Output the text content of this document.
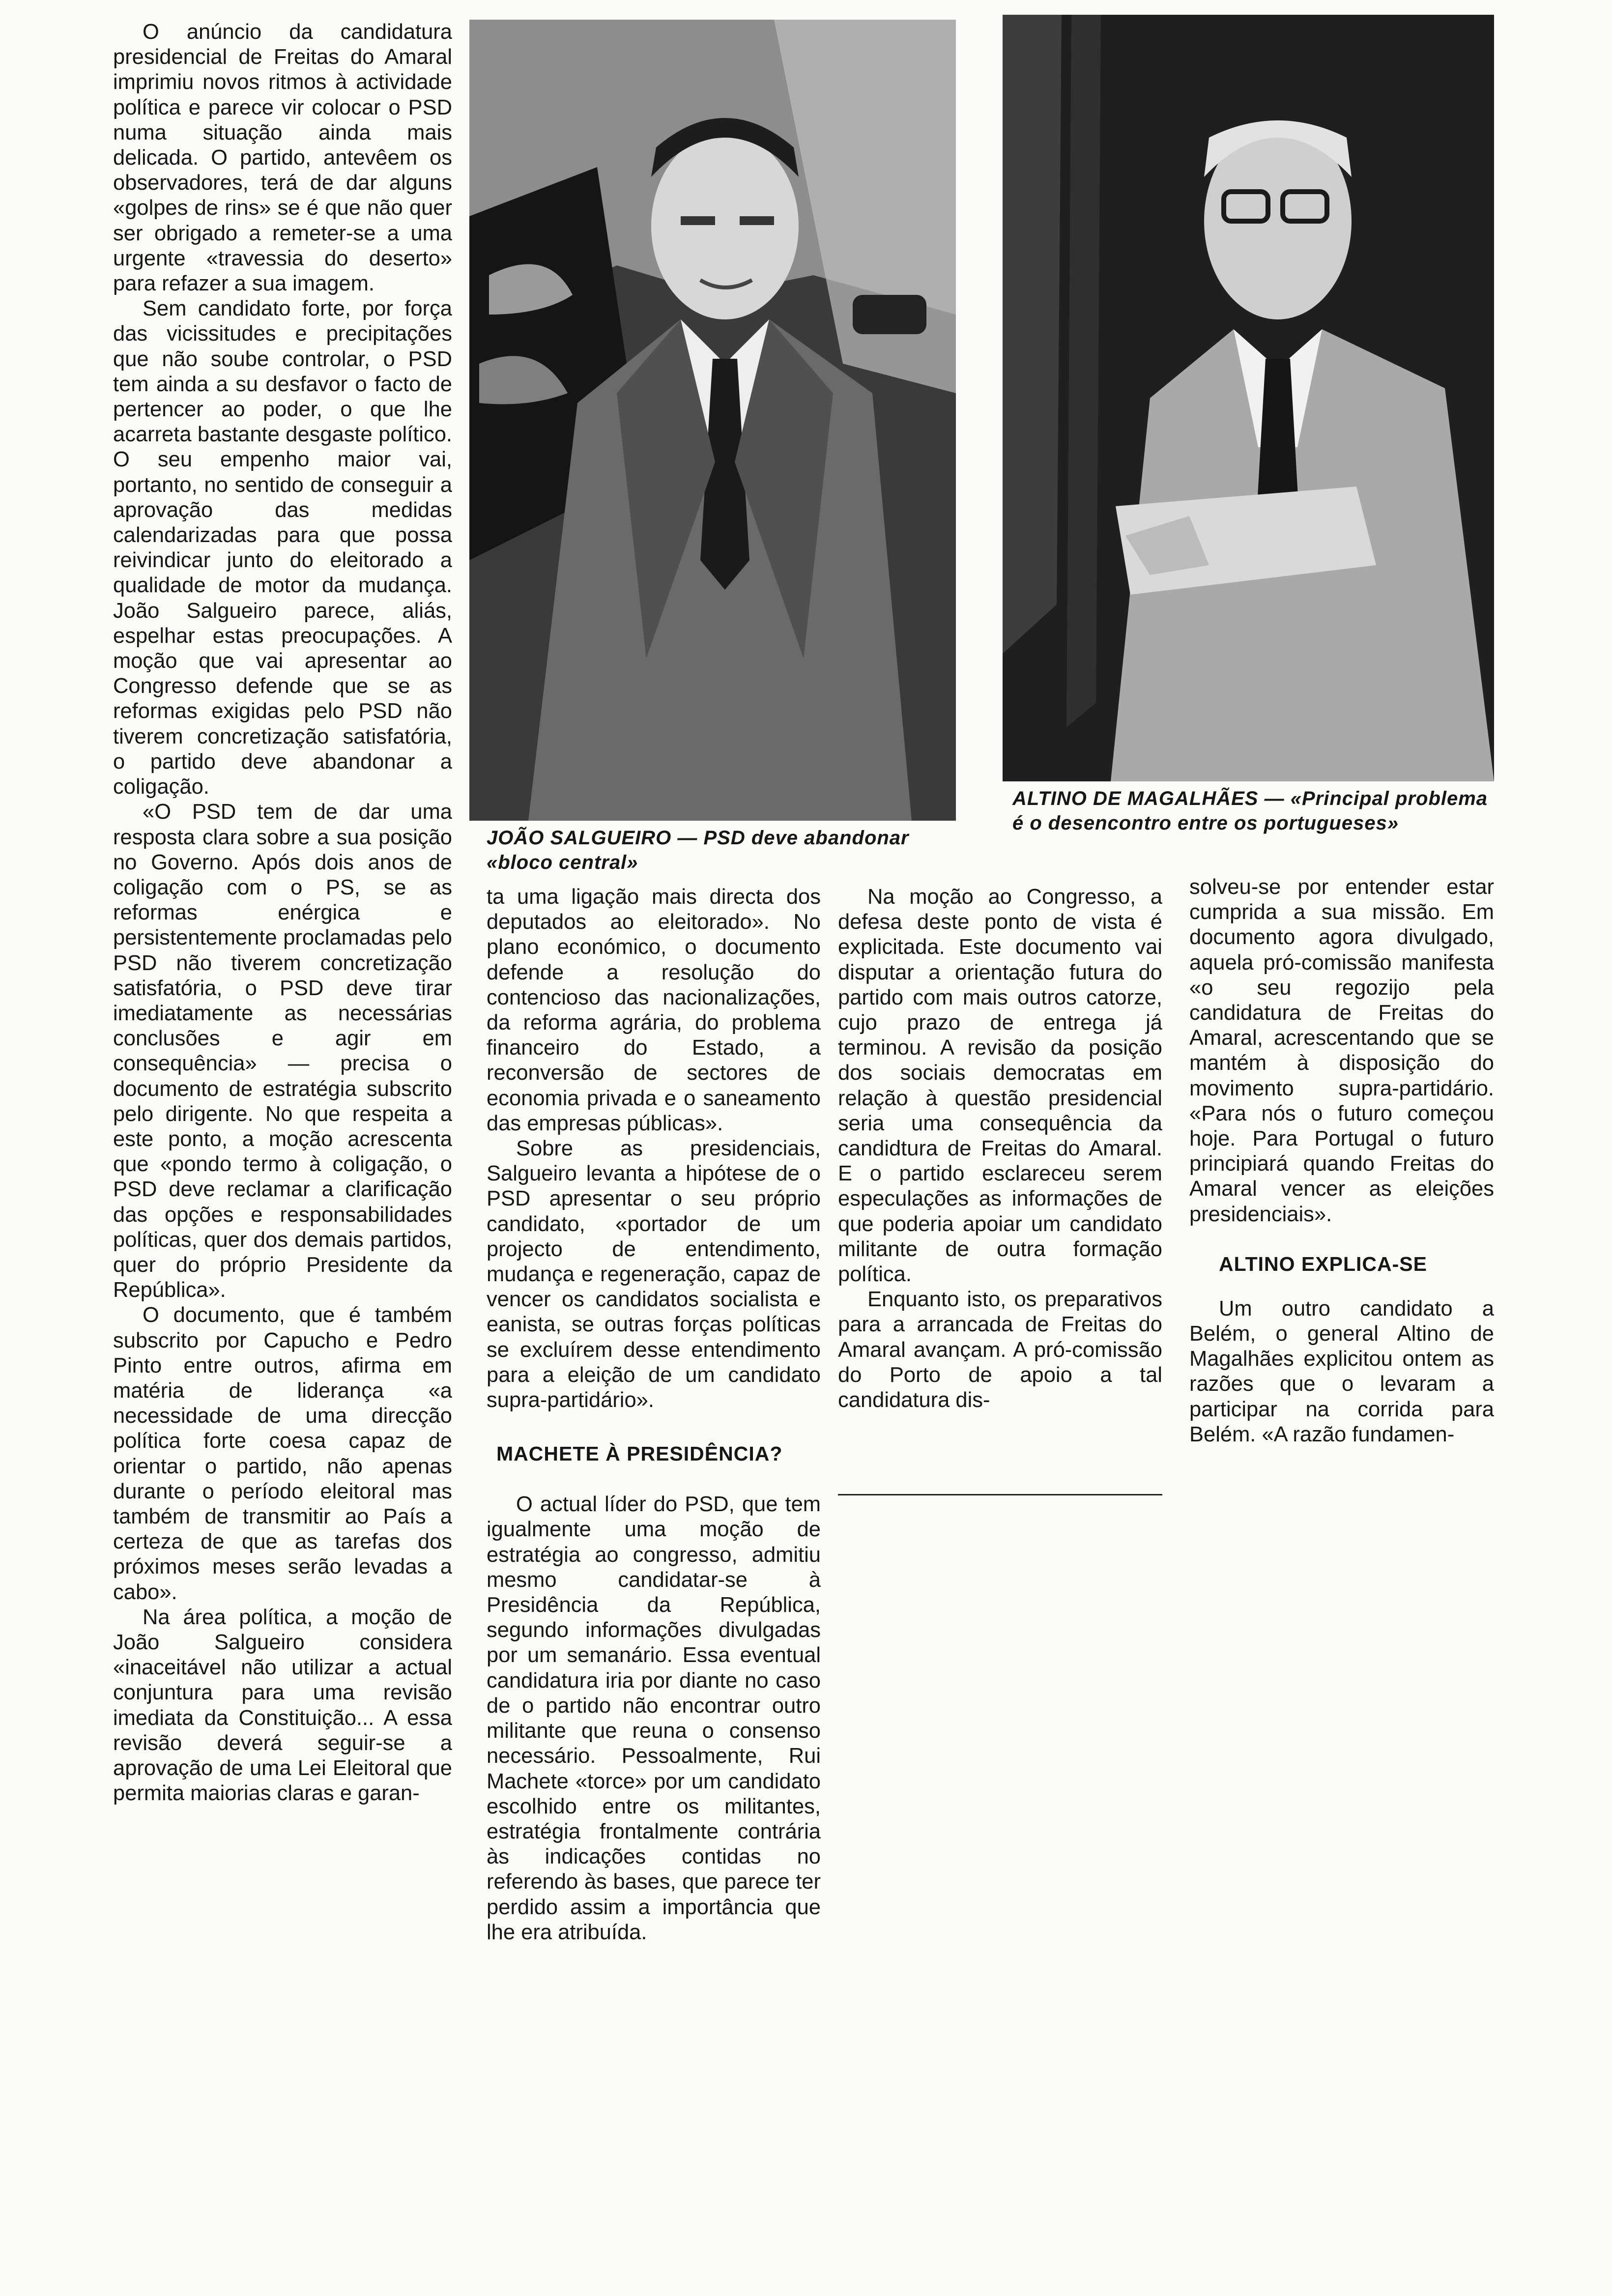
JOÃO SALGUEIRO — PSD deve abandonar «bloco central»
ALTINO DE MAGALHÃES — «Principal problema é o desencontro entre os portugueses»

O anúncio da candidatura presidencial de Freitas do Amaral imprimiu novos ritmos à actividade política e parece vir colocar o PSD numa situação ainda mais delicada. O partido, antevêem os observadores, terá de dar alguns «golpes de rins» se é que não quer ser obrigado a remeter-se a uma urgente «travessia do deserto» para refazer a sua imagem.

Sem candidato forte, por força das vicissitudes e precipitações que não soube controlar, o PSD tem ainda a su desfavor o facto de pertencer ao poder, o que lhe acarreta bastante desgaste político. O seu empenho maior vai, portanto, no sentido de conseguir a aprovação das medidas calendarizadas para que possa reivindicar junto do eleitorado a qualidade de motor da mudança. João Salgueiro parece, aliás, espelhar estas preocupações. A moção que vai apresentar ao Congresso defende que se as reformas exigidas pelo PSD não tiverem concretização satisfatória, o partido deve abandonar a coligação.

«O PSD tem de dar uma resposta clara sobre a sua posição no Governo. Após dois anos de coligação com o PS, se as reformas enérgica e persistentemente proclamadas pelo PSD não tiverem concretização satisfatória, o PSD deve tirar imediatamente as necessárias conclusões e agir em consequência» — precisa o documento de estratégia subscrito pelo dirigente. No que respeita a este ponto, a moção acrescenta que «pondo termo à coligação, o PSD deve reclamar a clarificação das opções e responsabilidades políticas, quer dos demais partidos, quer do próprio Presidente da República».

O documento, que é também subscrito por Capucho e Pedro Pinto entre outros, afirma em matéria de liderança «a necessidade de uma direcção política forte coesa capaz de orientar o partido, não apenas durante o período eleitoral mas também de transmitir ao País a certeza de que as tarefas dos próximos meses serão levadas a cabo».

Na área política, a moção de João Salgueiro considera «inaceitável não utilizar a actual conjuntura para uma revisão imediata da Constituição... A essa revisão deverá seguir-se a aprovação de uma Lei Eleitoral que permita maiorias claras e garan-

ta uma ligação mais directa dos deputados ao eleitorado». No plano económico, o documento defende a resolução do contencioso das nacionalizações, da reforma agrária, do problema financeiro do Estado, a reconversão de sectores de economia privada e o saneamento das empresas públicas».

Sobre as presidenciais, Salgueiro levanta a hipótese de o PSD apresentar o seu próprio candidato, «portador de um projecto de entendimento, mudança e regeneração, capaz de vencer os candidatos socialista e eanista, se outras forças políticas se excluírem desse entendimento para a eleição de um candidato supra-partidário».

MACHETE À PRESIDÊNCIA?

O actual líder do PSD, que tem igualmente uma moção de estratégia ao congresso, admitiu mesmo candidatar-se à Presidência da República, segundo informações divulgadas por um semanário. Essa eventual candidatura iria por diante no caso de o partido não encontrar outro militante que reuna o consenso necessário. Pessoalmente, Rui Machete «torce» por um candidato escolhido entre os militantes, estratégia frontalmente contrária às indicações contidas no referendo às bases, que parece ter perdido assim a importância que lhe era atribuída.

Na moção ao Congresso, a defesa deste ponto de vista é explicitada. Este documento vai disputar a orientação futura do partido com mais outros catorze, cujo prazo de entrega já terminou. A revisão da posição dos sociais democratas em relação à questão presidencial seria uma consequência da candidtura de Freitas do Amaral. E o partido esclareceu serem especulações as informações de que poderia apoiar um candidato militante de outra formação política.

Enquanto isto, os preparativos para a arrancada de Freitas do Amaral avançam. A pró-comissão do Porto de apoio a tal candidatura dis-

solveu-se por entender estar cumprida a sua missão. Em documento agora divulgado, aquela pró-comissão manifesta «o seu regozijo pela candidatura de Freitas do Amaral, acrescentando que se mantém à disposição do movimento supra-partidário. «Para nós o futuro começou hoje. Para Portugal o futuro principiará quando Freitas do Amaral vencer as eleições presidenciais».

ALTINO EXPLICA-SE

Um outro candidato a Belém, o general Altino de Magalhães explicitou ontem as razões que o levaram a participar na corrida para Belém. «A razão fundamen-
